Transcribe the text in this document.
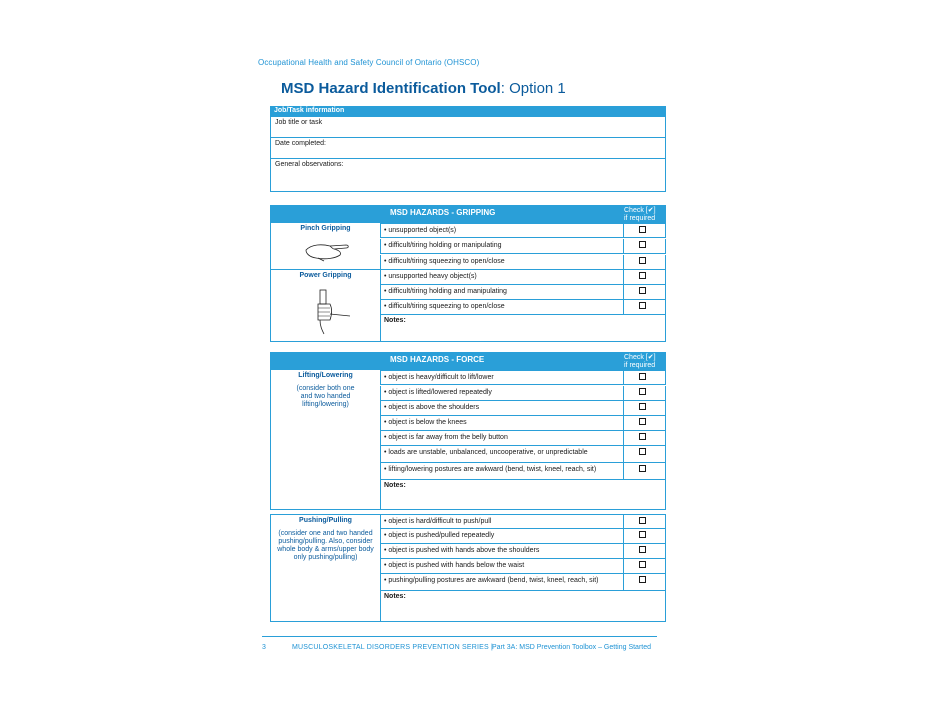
Occupational Health and Safety Council of Ontario (OHSCO)
MSD Hazard Identification Tool: Option 1
Job/Task information
Job title or task
Date completed:
General observations:
MSD HAZARDS - GRIPPING	Check [✔]
if required
Pinch Gripping	• unsupported object(s)
• difficult/tiring holding or manipulating
• difficult/tiring squeezing to open/close
Power Gripping	• unsupported heavy object(s)
• difficult/tiring holding and manipulating
• difficult/tiring squeezing to open/close
Notes:
MSD HAZARDS - FORCE	Check [✔]
if required
Lifting/Lowering
(consider both one and two handed lifting/lowering)
• object is heavy/difficult to lift/lower
• object is lifted/lowered repeatedly
• object is above the shoulders
• object is below the knees
• object is far away from the belly button
• loads are unstable, unbalanced, uncooperative, or unpredictable
• lifting/lowering postures are awkward (bend, twist, kneel, reach, sit)
Notes:
Pushing/Pulling
(consider one and two handed pushing/pulling. Also, consider whole body & arms/upper body only pushing/pulling)
• object is hard/difficult to push/pull
• object is pushed/pulled repeatedly
• object is pushed with hands above the shoulders
• object is pushed with hands below the waist
• pushing/pulling postures are awkward (bend, twist, kneel, reach, sit)
Notes:
3	MUSCULOSKELETAL DISORDERS PREVENTION SERIES |
Part 3A: MSD Prevention Toolbox – Getting Started
